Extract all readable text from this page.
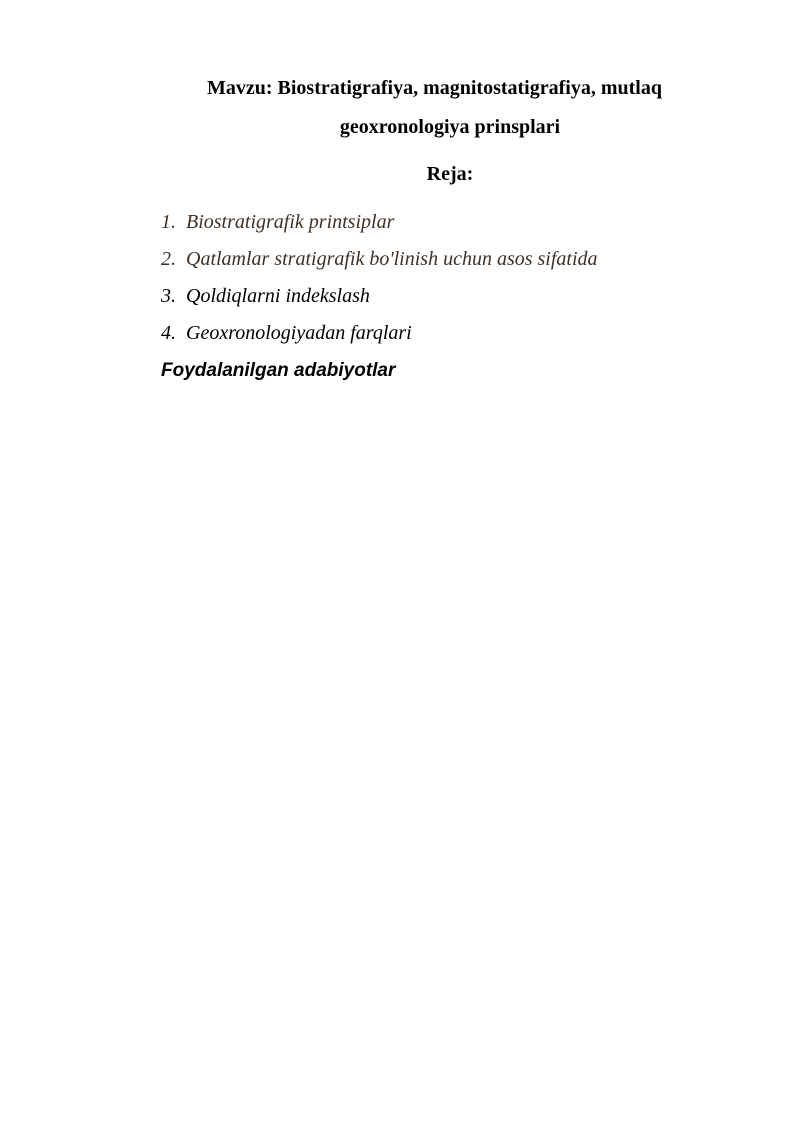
Mavzu: Biostratigrafiya, magnitostatigrafiya, mutlaq
geoxronologiya prinsplari
Reja:
1. Biostratigrafik printsiplar
2. Qatlamlar stratigrafik bo'linish uchun asos sifatida
3. Qoldiqlarni indekslash
4. Geoxronologiyadan farqlari

Foydalanilgan adabiyotlar
